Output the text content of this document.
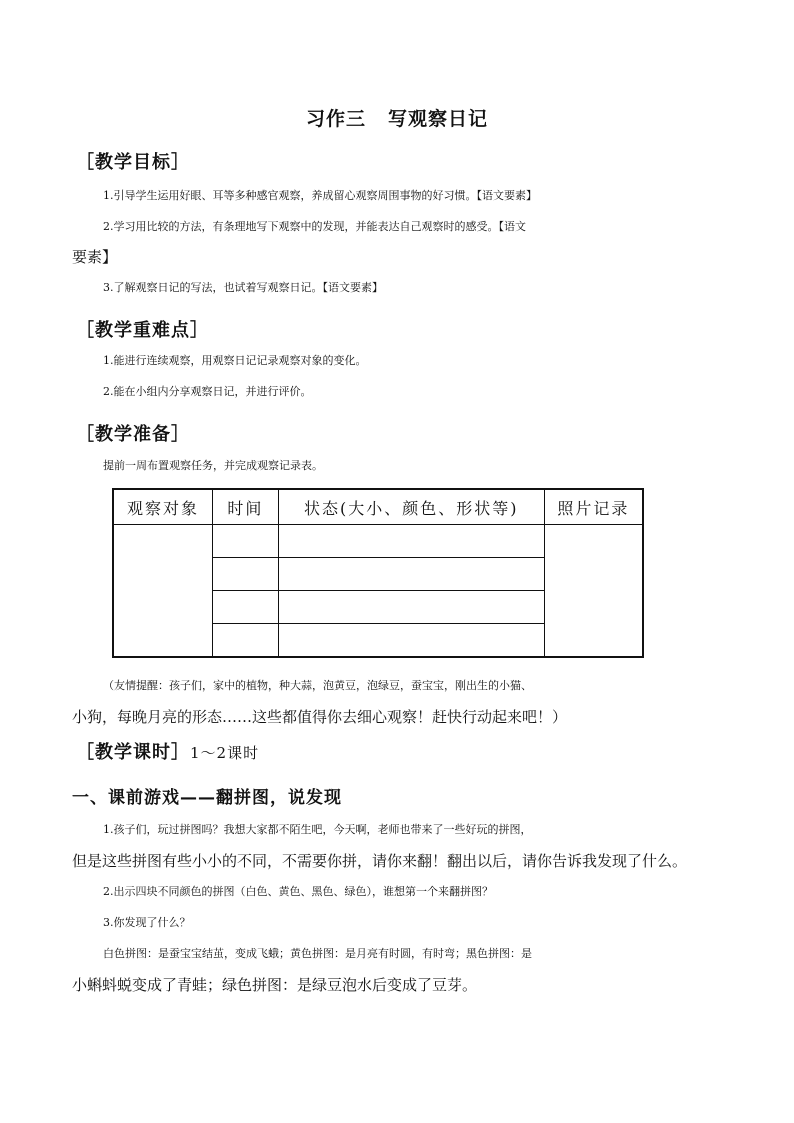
习作三 写观察日记
［教学目标］
1.引导学生运用好眼、耳等多种感官观察，养成留心观察周围事物的好习惯。【语文要素】
2.学习用比较的方法，有条理地写下观察中的发现，并能表达自己观察时的感受。【语文
要素】
3.了解观察日记的写法，也试着写观察日记。【语文要素】
［教学重难点］
1.能进行连续观察，用观察日记记录观察对象的变化。
2.能在小组内分享观察日记，并进行评价。
［教学准备］
提前一周布置观察任务，并完成观察记录表。
观察对象	时间	状态(大小、颜色、形状等)	照片记录

（友情提醒：孩子们，家中的植物，种大蒜，泡黄豆，泡绿豆，蚕宝宝，刚出生的小猫、
小狗，每晚月亮的形态……这些都值得你去细心观察！赶快行动起来吧！）
［教学课时］1～2课时
一、课前游戏——翻拼图，说发现
1.孩子们，玩过拼图吗？我想大家都不陌生吧，今天啊，老师也带来了一些好玩的拼图，
但是这些拼图有些小小的不同，不需要你拼，请你来翻！翻出以后，请你告诉我发现了什么。
2.出示四块不同颜色的拼图（白色、黄色、黑色、绿色），谁想第一个来翻拼图？
3.你发现了什么？
白色拼图：是蚕宝宝结茧，变成飞蛾；黄色拼图：是月亮有时圆，有时弯；黑色拼图：是
小蝌蚪蜕变成了青蛙；绿色拼图：是绿豆泡水后变成了豆芽。
